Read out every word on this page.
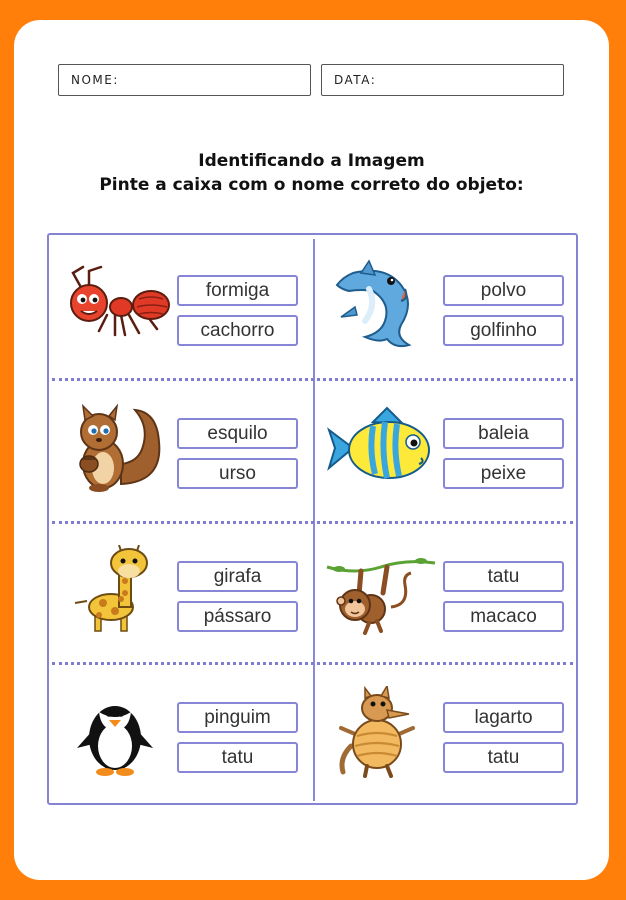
NOME:	DATA:
Identificando a Imagem
Pinte a caixa com o nome correto do objeto:
formiga
cachorro
polvo
golfinho
esquilo
urso
baleia
peixe
girafa
pássaro
tatu
macaco
pinguim
tatu
lagarto
tatu
